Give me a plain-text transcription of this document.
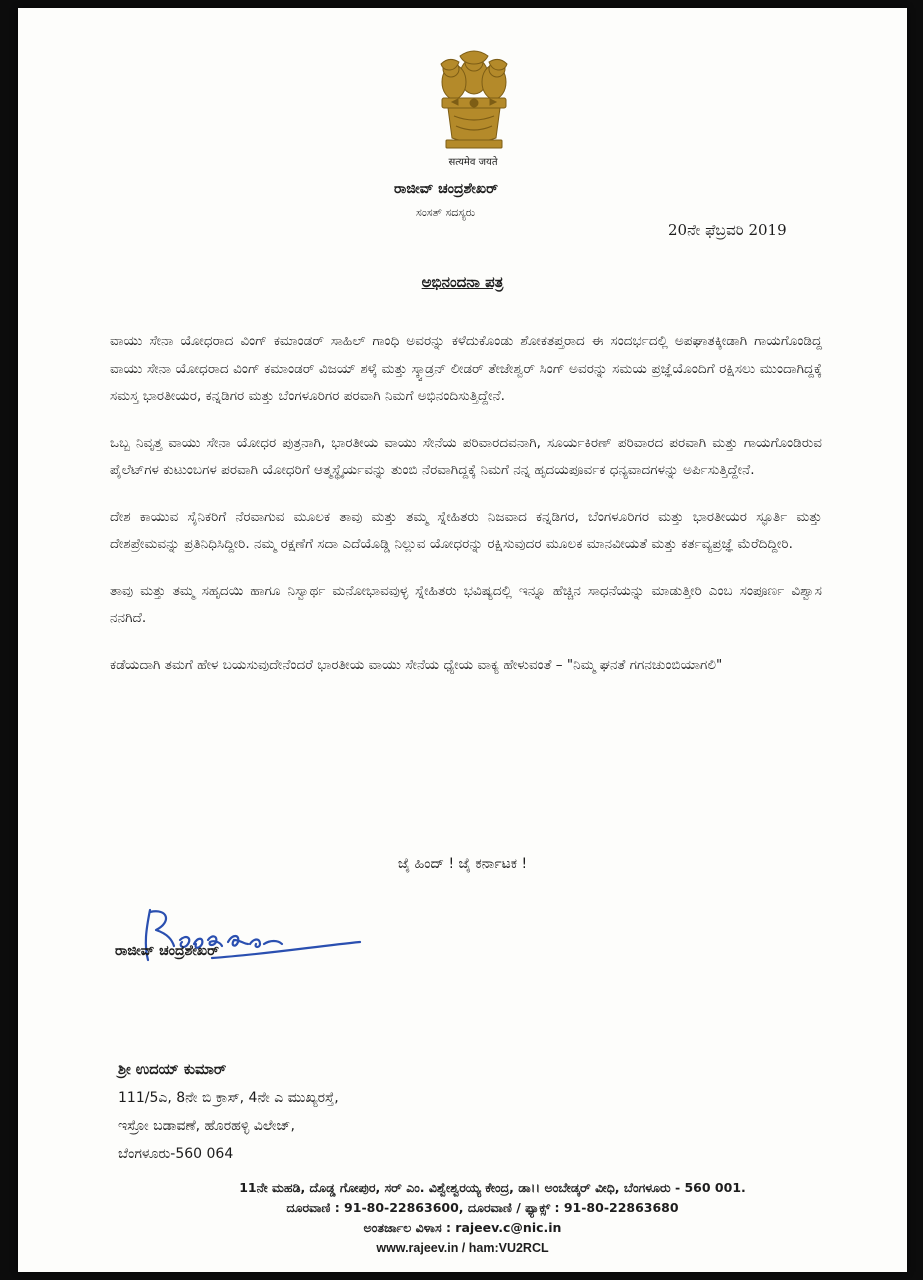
सत्यमेव जयते
ರಾಜೀವ್ ಚಂದ್ರಶೇಖರ್
ಸಂಸತ್ ಸದಸ್ಯರು
20ನೇ ಫೆಬ್ರವರಿ 2019
ಅಭಿನಂದನಾ ಪತ್ರ

ವಾಯು ಸೇನಾ ಯೋಧರಾದ ವಿಂಗ್ ಕಮಾಂಡರ್ ಸಾಹಿಲ್ ಗಾಂಧಿ ಅವರನ್ನು ಕಳೆದುಕೊಂಡು ಶೋಕತಪ್ತರಾದ ಈ ಸಂದರ್ಭದಲ್ಲಿ ಅಪಘಾತಕ್ಕೀಡಾಗಿ ಗಾಯಗೊಂಡಿದ್ದ ವಾಯು ಸೇನಾ ಯೋಧರಾದ ವಿಂಗ್ ಕಮಾಂಡರ್ ವಿಜಯ್ ಶಳ್ಕೆ ಮತ್ತು ಸ್ಕ್ವಾಡ್ರನ್ ಲೀಡರ್ ತೇಜೇಶ್ವರ್ ಸಿಂಗ್ ಅವರನ್ನು ಸಮಯ ಪ್ರಜ್ಞೆಯೊಂದಿಗೆ ರಕ್ಷಿಸಲು ಮುಂದಾಗಿದ್ದಕ್ಕೆ ಸಮಸ್ತ ಭಾರತೀಯರ, ಕನ್ನಡಿಗರ ಮತ್ತು ಬೆಂಗಳೂರಿಗರ ಪರವಾಗಿ ನಿಮಗೆ ಅಭಿನಂದಿಸುತ್ತಿದ್ದೇನೆ.

ಒಬ್ಬ ನಿವೃತ್ತ ವಾಯು ಸೇನಾ ಯೋಧರ ಪುತ್ರನಾಗಿ, ಭಾರತೀಯ ವಾಯು ಸೇನೆಯ ಪರಿವಾರದವನಾಗಿ, ಸೂರ್ಯಕಿರಣ್ ಪರಿವಾರದ ಪರವಾಗಿ ಮತ್ತು ಗಾಯಗೊಂಡಿರುವ ಪೈಲೆಟ್‌ಗಳ ಕುಟುಂಬಗಳ ಪರವಾಗಿ ಯೋಧರಿಗೆ ಆತ್ಮಸ್ಥೈರ್ಯವನ್ನು ತುಂಬಿ ನೆರವಾಗಿದ್ದಕ್ಕೆ ನಿಮಗೆ ನನ್ನ ಹೃದಯಪೂರ್ವಕ ಧನ್ಯವಾದಗಳನ್ನು ಅರ್ಪಿಸುತ್ತಿದ್ದೇನೆ.

ದೇಶ ಕಾಯುವ ಸೈನಿಕರಿಗೆ ನೆರವಾಗುವ ಮೂಲಕ ತಾವು ಮತ್ತು ತಮ್ಮ ಸ್ನೇಹಿತರು ನಿಜವಾದ ಕನ್ನಡಿಗರ, ಬೆಂಗಳೂರಿಗರ ಮತ್ತು ಭಾರತೀಯರ ಸ್ಫೂರ್ತಿ ಮತ್ತು ದೇಶಪ್ರೇಮವನ್ನು ಪ್ರತಿನಿಧಿಸಿದ್ದೀರಿ. ನಮ್ಮ ರಕ್ಷಣೆಗೆ ಸದಾ ಎದೆಯೊಡ್ಡಿ ನಿಲ್ಲುವ ಯೋಧರನ್ನು ರಕ್ಷಿಸುವುದರ ಮೂಲಕ ಮಾನವೀಯತೆ ಮತ್ತು ಕರ್ತವ್ಯಪ್ರಜ್ಞೆ ಮೆರೆದಿದ್ದೀರಿ.

ತಾವು ಮತ್ತು ತಮ್ಮ ಸಹೃದಯಿ ಹಾಗೂ ನಿಸ್ವಾರ್ಥ ಮನೋಭಾವವುಳ್ಳ ಸ್ನೇಹಿತರು ಭವಿಷ್ಯದಲ್ಲಿ ಇನ್ನೂ ಹೆಚ್ಚಿನ ಸಾಧನೆಯನ್ನು ಮಾಡುತ್ತೀರಿ ಎಂಬ ಸಂಪೂರ್ಣ ವಿಶ್ವಾಸ ನನಗಿದೆ.

ಕಡೆಯದಾಗಿ ತಮಗೆ ಹೇಳ ಬಯಸುವುದೇನೆಂದರೆ ಭಾರತೀಯ ವಾಯು ಸೇನೆಯ ಧ್ಯೇಯ ವಾಕ್ಯ ಹೇಳುವಂತೆ – "ನಿಮ್ಮ ಘನತೆ ಗಗನಚುಂಬಿಯಾಗಲಿ"

ಜೈ ಹಿಂದ್ ! ಜೈ ಕರ್ನಾಟಕ !
ರಾಜೀವ್ ಚಂದ್ರಶೇಖರ್
ಶ್ರೀ ಉದಯ್ ಕುಮಾರ್
111/5ಎ, 8ನೇ ಬಿ ಕ್ರಾಸ್, 4ನೇ ಎ ಮುಖ್ಯರಸ್ತೆ,
ಇಸ್ರೋ ಬಡಾವಣೆ, ಹೊರಹಳ್ಳಿ ವಿಲೇಜ್,
ಬೆಂಗಳೂರು-560 064
11ನೇ ಮಹಡಿ, ದೊಡ್ಡ ಗೋಪುರ, ಸರ್ ಎಂ. ವಿಶ್ವೇಶ್ವರಯ್ಯ ಕೇಂದ್ರ, ಡಾ।। ಅಂಬೇಡ್ಕರ್ ವೀಧಿ, ಬೆಂಗಳೂರು - 560 001.
ದೂರವಾಣಿ : 91-80-22863600, ದೂರವಾಣಿ / ಫ್ಯಾಕ್ಸ್ : 91-80-22863680
ಅಂತರ್ಜಾಲ ವಿಳಾಸ : rajeev.c@nic.in
www.rajeev.in / ham:VU2RCL
